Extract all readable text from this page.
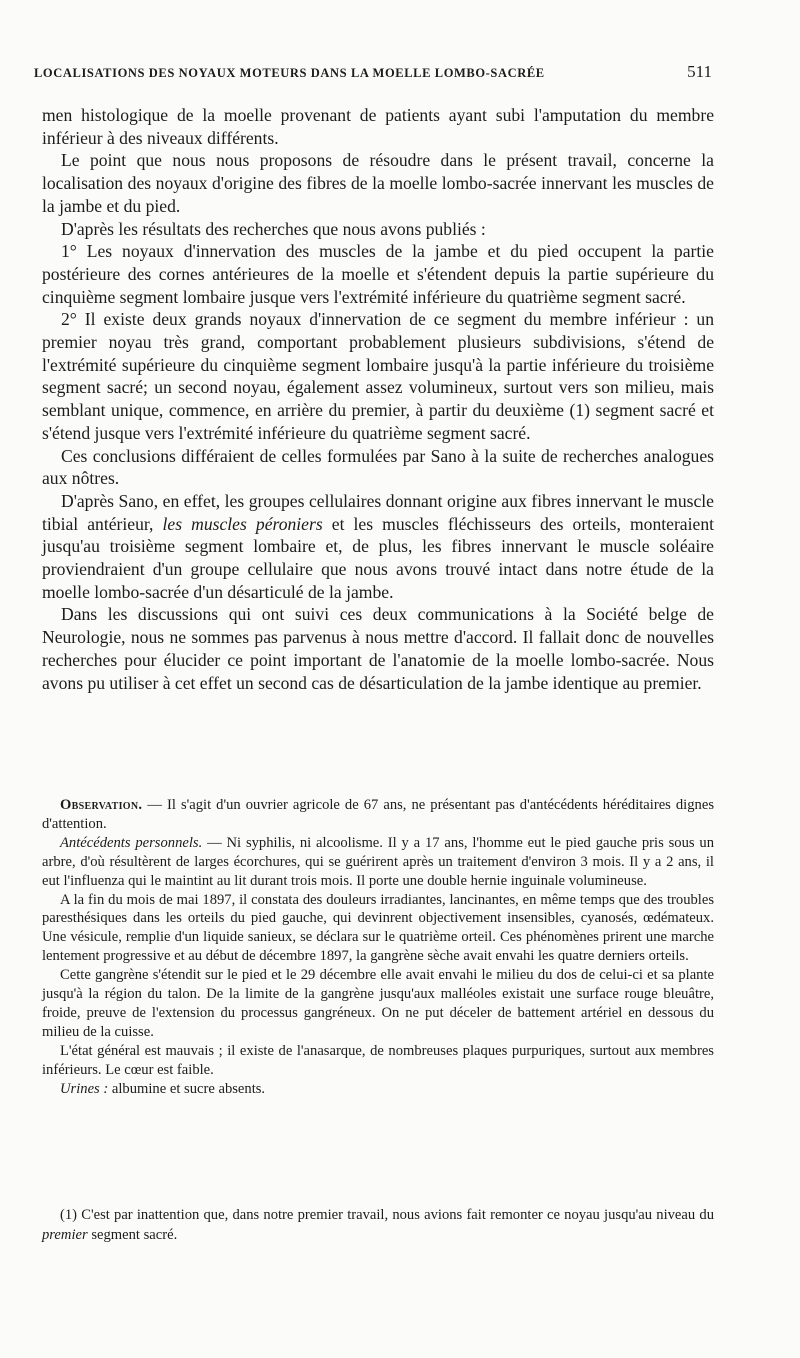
LOCALISATIONS DES NOYAUX MOTEURS DANS LA MOELLE LOMBO-SACRÉE	511

men histologique de la moelle provenant de patients ayant subi l'amputation du membre inférieur à des niveaux différents.

Le point que nous nous proposons de résoudre dans le présent travail, concerne la localisation des noyaux d'origine des fibres de la moelle lombo-sacrée innervant les muscles de la jambe et du pied.

D'après les résultats des recherches que nous avons publiés :

1° Les noyaux d'innervation des muscles de la jambe et du pied occupent la partie postérieure des cornes antérieures de la moelle et s'étendent depuis la partie supérieure du cinquième segment lombaire jusque vers l'extrémité inférieure du quatrième segment sacré.

2° Il existe deux grands noyaux d'innervation de ce segment du membre inférieur : un premier noyau très grand, comportant probablement plusieurs subdivisions, s'étend de l'extrémité supérieure du cinquième segment lombaire jusqu'à la partie inférieure du troisième segment sacré; un second noyau, également assez volumineux, surtout vers son milieu, mais semblant unique, commence, en arrière du premier, à partir du deuxième (1) segment sacré et s'étend jusque vers l'extrémité inférieure du quatrième segment sacré.

Ces conclusions différaient de celles formulées par Sano à la suite de recherches analogues aux nôtres.

D'après Sano, en effet, les groupes cellulaires donnant origine aux fibres innervant le muscle tibial antérieur, les muscles péroniers et les muscles fléchisseurs des orteils, monteraient jusqu'au troisième segment lombaire et, de plus, les fibres innervant le muscle soléaire proviendraient d'un groupe cellulaire que nous avons trouvé intact dans notre étude de la moelle lombo-sacrée d'un désarticulé de la jambe.

Dans les discussions qui ont suivi ces deux communications à la Société belge de Neurologie, nous ne sommes pas parvenus à nous mettre d'accord. Il fallait donc de nouvelles recherches pour élucider ce point important de l'anatomie de la moelle lombo-sacrée. Nous avons pu utiliser à cet effet un second cas de désarticulation de la jambe identique au premier.

Observation. — Il s'agit d'un ouvrier agricole de 67 ans, ne présentant pas d'antécédents héréditaires dignes d'attention.

Antécédents personnels. — Ni syphilis, ni alcoolisme. Il y a 17 ans, l'homme eut le pied gauche pris sous un arbre, d'où résultèrent de larges écorchures, qui se guérirent après un traitement d'environ 3 mois. Il y a 2 ans, il eut l'influenza qui le maintint au lit durant trois mois. Il porte une double hernie inguinale volumineuse.

A la fin du mois de mai 1897, il constata des douleurs irradiantes, lancinantes, en même temps que des troubles paresthésiques dans les orteils du pied gauche, qui devinrent objectivement insensibles, cyanosés, œdémateux. Une vésicule, remplie d'un liquide sanieux, se déclara sur le quatrième orteil. Ces phénomènes prirent une marche lentement progressive et au début de décembre 1897, la gangrène sèche avait envahi les quatre derniers orteils.

Cette gangrène s'étendit sur le pied et le 29 décembre elle avait envahi le milieu du dos de celui-ci et sa plante jusqu'à la région du talon. De la limite de la gangrène jusqu'aux malléoles existait une surface rouge bleuâtre, froide, preuve de l'extension du processus gangréneux. On ne put déceler de battement artériel en dessous du milieu de la cuisse.

L'état général est mauvais ; il existe de l'anasarque, de nombreuses plaques purpuriques, surtout aux membres inférieurs. Le cœur est faible.

Urines : albumine et sucre absents.

(1) C'est par inattention que, dans notre premier travail, nous avions fait remonter ce noyau jusqu'au niveau du premier segment sacré.
